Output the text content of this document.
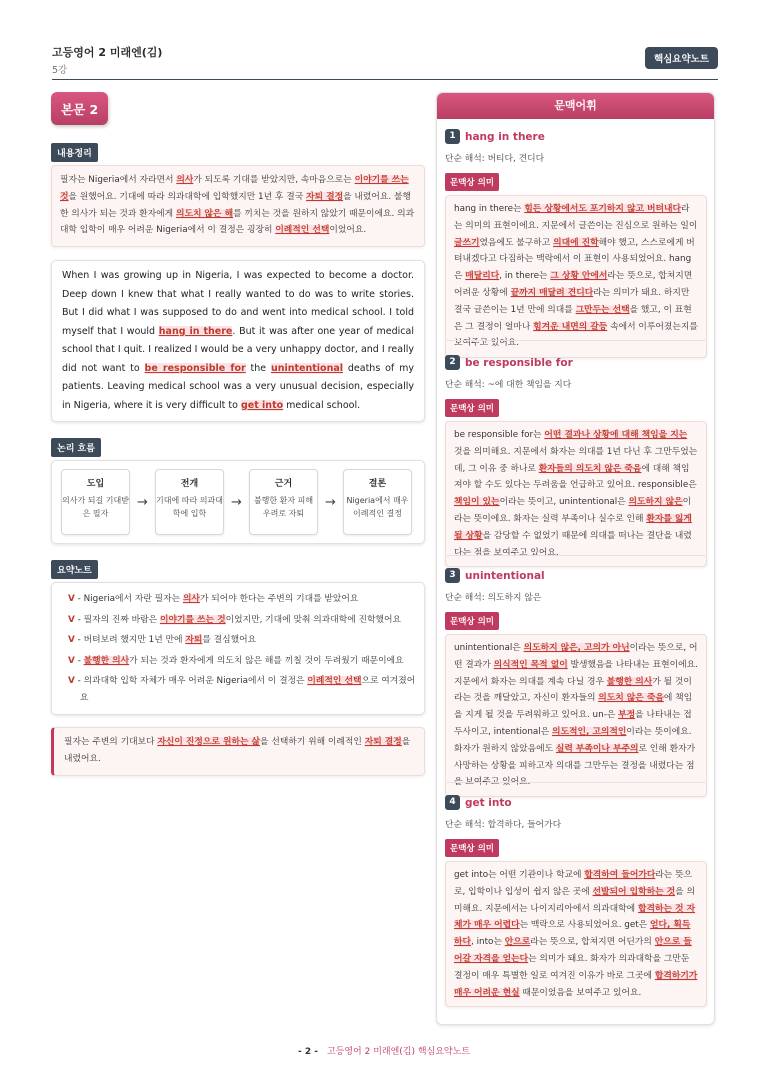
고등영어 2 미래엔(김)
5강
핵심요약노트
본문 2
내용정리
필자는 Nigeria에서 자라면서 의사가 되도록 기대를 받았지만, 속마음으로는 이야기를 쓰는 것을 원했어요. 기대에 따라 의과대학에 입학했지만 1년 후 결국 자퇴 결정을 내렸어요. 불행한 의사가 되는 것과 환자에게 의도치 않은 해를 끼치는 것을 원하지 않았기 때문이에요. 의과대학 입학이 매우 어려운 Nigeria에서 이 결정은 굉장히 이례적인 선택이었어요.
When I was growing up in Nigeria, I was expected to become a doctor. Deep down I knew that what I really wanted to do was to write stories. But I did what I was supposed to do and went into medical school. I told myself that I would hang in there. But it was after one year of medical school that I quit. I realized I would be a very unhappy doctor, and I really did not want to be responsible for the unintentional deaths of my patients. Leaving medical school was a very unusual decision, especially in Nigeria, where it is very difficult to get into medical school.
논리 흐름
도입
의사가 되길 기대받은 필자
→
전개
기대에 따라 의과대학에 입학
→
근거
불행한 환자 피해 우려로 자퇴
→
결론
Nigeria에서 매우 이례적인 결정
요약노트
V - Nigeria에서 자란 필자는 의사가 되어야 한다는 주변의 기대를 받았어요
V - 필자의 진짜 바람은 이야기를 쓰는 것이었지만, 기대에 맞춰 의과대학에 진학했어요
V - 버텨보려 했지만 1년 만에 자퇴를 결심했어요
V - 불행한 의사가 되는 것과 환자에게 의도치 않은 해를 끼칠 것이 두려웠기 때문이에요
V - 의과대학 입학 자체가 매우 어려운 Nigeria에서 이 결정은 이례적인 선택으로 여겨졌어요
필자는 주변의 기대보다 자신이 진정으로 원하는 삶을 선택하기 위해 이례적인 자퇴 결정을 내렸어요.
문맥어휘
1 hang in there
단순 해석: 버티다, 견디다
문맥상 의미
hang in there는 힘든 상황에서도 포기하지 않고 버텨내다라는 의미의 표현이에요. 지문에서 글쓴이는 진심으로 원하는 일이 글쓰기였음에도 불구하고 의대에 진학해야 했고, 스스로에게 버텨내겠다고 다짐하는 맥락에서 이 표현이 사용되었어요. hang은 매달리다, in there는 그 상황 안에서라는 뜻으로, 합쳐지면 어려운 상황에 끝까지 매달려 견디다라는 의미가 돼요. 하지만 결국 글쓴이는 1년 만에 의대를 그만두는 선택을 했고, 이 표현은 그 결정이 얼마나 힘겨운 내면의 갈등 속에서 이루어졌는지를 보여주고 있어요.
2 be responsible for
단순 해석: ~에 대한 책임을 지다
문맥상 의미
be responsible for는 어떤 결과나 상황에 대해 책임을 지는 것을 의미해요. 지문에서 화자는 의대를 1년 다닌 후 그만두었는데, 그 이유 중 하나로 환자들의 의도치 않은 죽음에 대해 책임져야 할 수도 있다는 두려움을 언급하고 있어요. responsible은 책임이 있는이라는 뜻이고, unintentional은 의도하지 않은이라는 뜻이에요. 화자는 실력 부족이나 실수로 인해 환자를 잃게 될 상황을 감당할 수 없었기 때문에 의대를 떠나는 결단을 내렸다는 점을 보여주고 있어요.
3 unintentional
단순 해석: 의도하지 않은
문맥상 의미
unintentional은 의도하지 않은, 고의가 아닌이라는 뜻으로, 어떤 결과가 의식적인 목적 없이 발생했음을 나타내는 표현이에요. 지문에서 화자는 의대를 계속 다닐 경우 불행한 의사가 될 것이라는 것을 깨달았고, 자신이 환자들의 의도치 않은 죽음에 책임을 지게 될 것을 두려워하고 있어요. un-은 부정을 나타내는 접두사이고, intentional은 의도적인, 고의적인이라는 뜻이에요. 화자가 원하지 않았음에도 실력 부족이나 부주의로 인해 환자가 사망하는 상황을 피하고자 의대를 그만두는 결정을 내렸다는 점을 보여주고 있어요.
4 get into
단순 해석: 합격하다, 들어가다
문맥상 의미
get into는 어떤 기관이나 학교에 합격하여 들어가다라는 뜻으로, 입학이나 입성이 쉽지 않은 곳에 선발되어 입학하는 것을 의미해요. 지문에서는 나이지리아에서 의과대학에 합격하는 것 자체가 매우 어렵다는 맥락으로 사용되었어요. get은 얻다, 획득하다, into는 안으로라는 뜻으로, 합쳐지면 어딘가의 안으로 들어갈 자격을 얻는다는 의미가 돼요. 화자가 의과대학을 그만둔 결정이 매우 특별한 일로 여겨진 이유가 바로 그곳에 합격하기가 매우 어려운 현실 때문이었음을 보여주고 있어요.
- 2 - 고등영어 2 미래엔(김) 핵심요약노트
